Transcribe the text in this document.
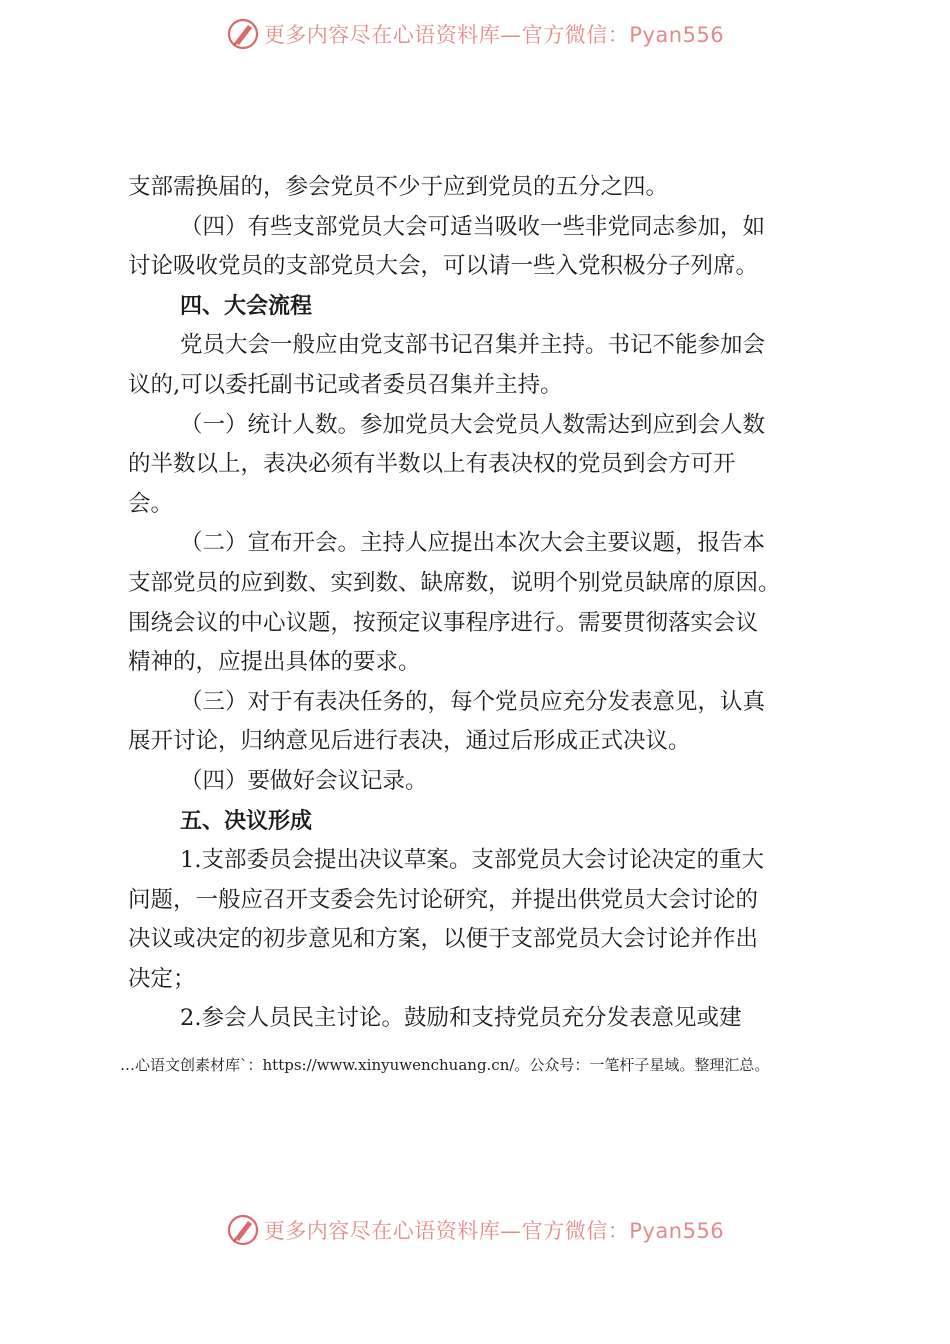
更多内容尽在心语资料库—官方微信：Pyan556
支部需换届的，参会党员不少于应到党员的五分之四。
（四）有些支部党员大会可适当吸收一些非党同志参加，如
讨论吸收党员的支部党员大会，可以请一些入党积极分子列席。
四、大会流程
党员大会一般应由党支部书记召集并主持。书记不能参加会
议的,可以委托副书记或者委员召集并主持。
（一）统计人数。参加党员大会党员人数需达到应到会人数
的半数以上，表决必须有半数以上有表决权的党员到会方可开
会。
（二）宣布开会。主持人应提出本次大会主要议题，报告本
支部党员的应到数、实到数、缺席数，说明个别党员缺席的原因。
围绕会议的中心议题，按预定议事程序进行。需要贯彻落实会议
精神的，应提出具体的要求。
（三）对于有表决任务的，每个党员应充分发表意见，认真
展开讨论，归纳意见后进行表决，通过后形成正式决议。
（四）要做好会议记录。
五、决议形成
1.支部委员会提出决议草案。支部党员大会讨论决定的重大
问题，一般应召开支委会先讨论研究，并提出供党员大会讨论的
决议或决定的初步意见和方案，以便于支部党员大会讨论并作出
决定；
2.参会人员民主讨论。鼓励和支持党员充分发表意见或建
…心语文创素材库`：https://www.xinyuwenchuang.cn/。公众号：一笔杆子星域。整理汇总。
更多内容尽在心语资料库—官方微信：Pyan556
